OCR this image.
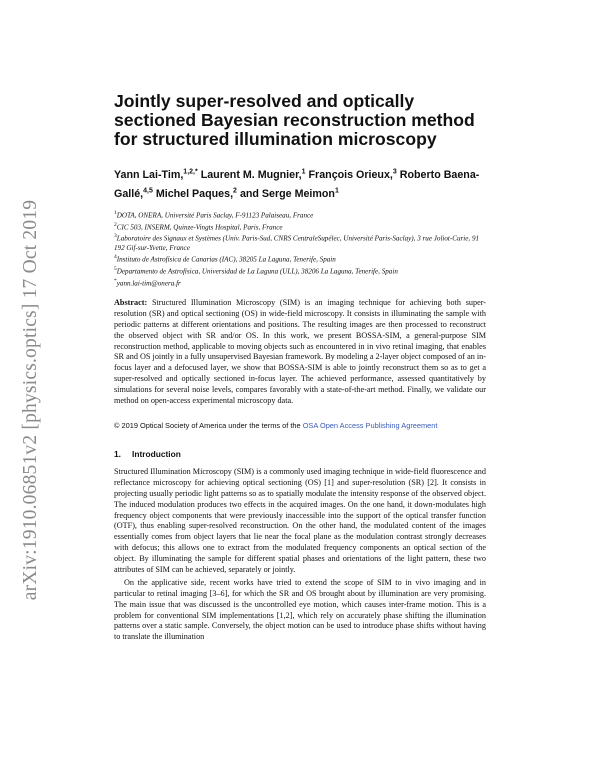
arXiv:1910.06851v2 [physics.optics] 17 Oct 2019
Jointly super-resolved and optically sectioned Bayesian reconstruction method for structured illumination microscopy
Yann Lai-Tim,$^{1,2,*}$ Laurent M. Mugnier,$^1$ François Orieux,$^3$ Roberto Baena-Gallé,$^{4,5}$ Michel Paques,$^2$ and Serge Meimon$^1$
$^1$DOTA, ONERA, Université Paris Saclay, F-91123 Palaiseau, France
$^2$CIC 503, INSERM, Quinze-Vingts Hospital, Paris, France
$^3$Laboratoire des Signaux et Systèmes (Univ. Paris-Sud, CNRS CentraleSupélec, Université Paris-Saclay), 3 rue Joliot-Curie, 91 192 Gif-sur-Yvette, France
$^4$Instituto de Astrofísica de Canarias (IAC), 38205 La Laguna, Tenerife, Spain
$^5$Departamento de Astrofísica, Universidad de La Laguna (ULL), 38206 La Laguna, Tenerife, Spain
*yann.lai-tim@onera.fr
Abstract: Structured Illumination Microscopy (SIM) is an imaging technique for achieving both super-resolution (SR) and optical sectioning (OS) in wide-field microscopy. It consists in illuminating the sample with periodic patterns at different orientations and positions. The resulting images are then processed to reconstruct the observed object with SR and/or OS. In this work, we present BOSSA-SIM, a general-purpose SIM reconstruction method, applicable to moving objects such as encountered in in vivo retinal imaging, that enables SR and OS jointly in a fully unsupervised Bayesian framework. By modeling a 2-layer object composed of an in-focus layer and a defocused layer, we show that BOSSA-SIM is able to jointly reconstruct them so as to get a super-resolved and optically sectioned in-focus layer. The achieved performance, assessed quantitatively by simulations for several noise levels, compares favorably with a state-of-the-art method. Finally, we validate our method on open-access experimental microscopy data.
© 2019 Optical Society of America under the terms of the OSA Open Access Publishing Agreement
1. Introduction
Structured Illumination Microscopy (SIM) is a commonly used imaging technique in wide-field fluorescence and reflectance microscopy for achieving optical sectioning (OS) [1] and super-resolution (SR) [2]. It consists in projecting usually periodic light patterns so as to spatially modulate the intensity response of the observed object. The induced modulation produces two effects in the acquired images. On the one hand, it down-modulates high frequency object components that were previously inaccessible into the support of the optical transfer function (OTF), thus enabling super-resolved reconstruction. On the other hand, the modulated content of the images essentially comes from object layers that lie near the focal plane as the modulation contrast strongly decreases with defocus; this allows one to extract from the modulated frequency components an optical section of the object. By illuminating the sample for different spatial phases and orientations of the light pattern, these two attributes of SIM can be achieved, separately or jointly.
On the applicative side, recent works have tried to extend the scope of SIM to in vivo imaging and in particular to retinal imaging [3–6], for which the SR and OS brought about by illumination are very promising. The main issue that was discussed is the uncontrolled eye motion, which causes inter-frame motion. This is a problem for conventional SIM implementations [1,2], which rely on accurately phase shifting the illumination patterns over a static sample. Conversely, the object motion can be used to introduce phase shifts without having to translate the illumination
